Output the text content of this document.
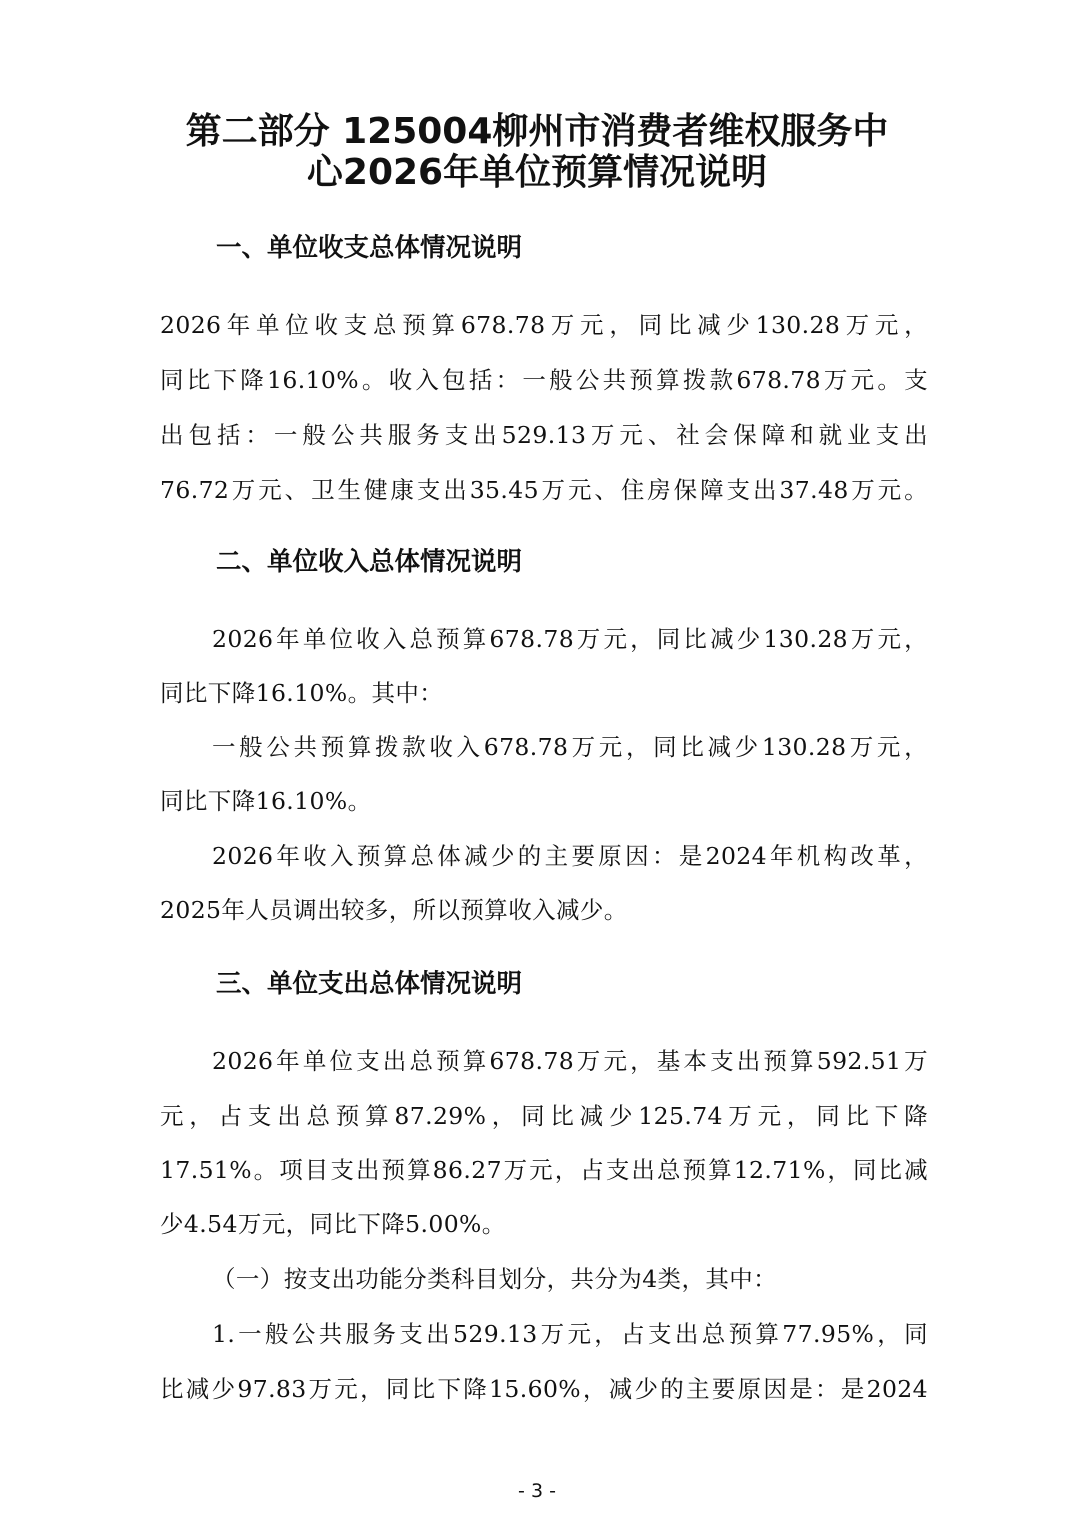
第二部分 125004柳州市消费者维权服务中
心2026年单位预算情况说明
一、单位收支总体情况说明
2026年单位收支总预算678.78万元，同比减少130.28万元，
同比下降16.10%。收入包括：一般公共预算拨款678.78万元。支
出包括：一般公共服务支出529.13万元、社会保障和就业支出
76.72万元、卫生健康支出35.45万元、住房保障支出37.48万元。
二、单位收入总体情况说明
2026年单位收入总预算678.78万元，同比减少130.28万元，
同比下降16.10%。其中：
一般公共预算拨款收入678.78万元，同比减少130.28万元，
同比下降16.10%。
2026年收入预算总体减少的主要原因：是2024年机构改革，
2025年人员调出较多，所以预算收入减少。
三、单位支出总体情况说明
2026年单位支出总预算678.78万元，基本支出预算592.51万
元，占支出总预算87.29%，同比减少125.74万元，同比下降
17.51%。项目支出预算86.27万元，占支出总预算12.71%，同比减
少4.54万元，同比下降5.00%。
（一）按支出功能分类科目划分，共分为4类，其中：
1.一般公共服务支出529.13万元，占支出总预算77.95%，同
比减少97.83万元，同比下降15.60%，减少的主要原因是：是2024
- 3 -
